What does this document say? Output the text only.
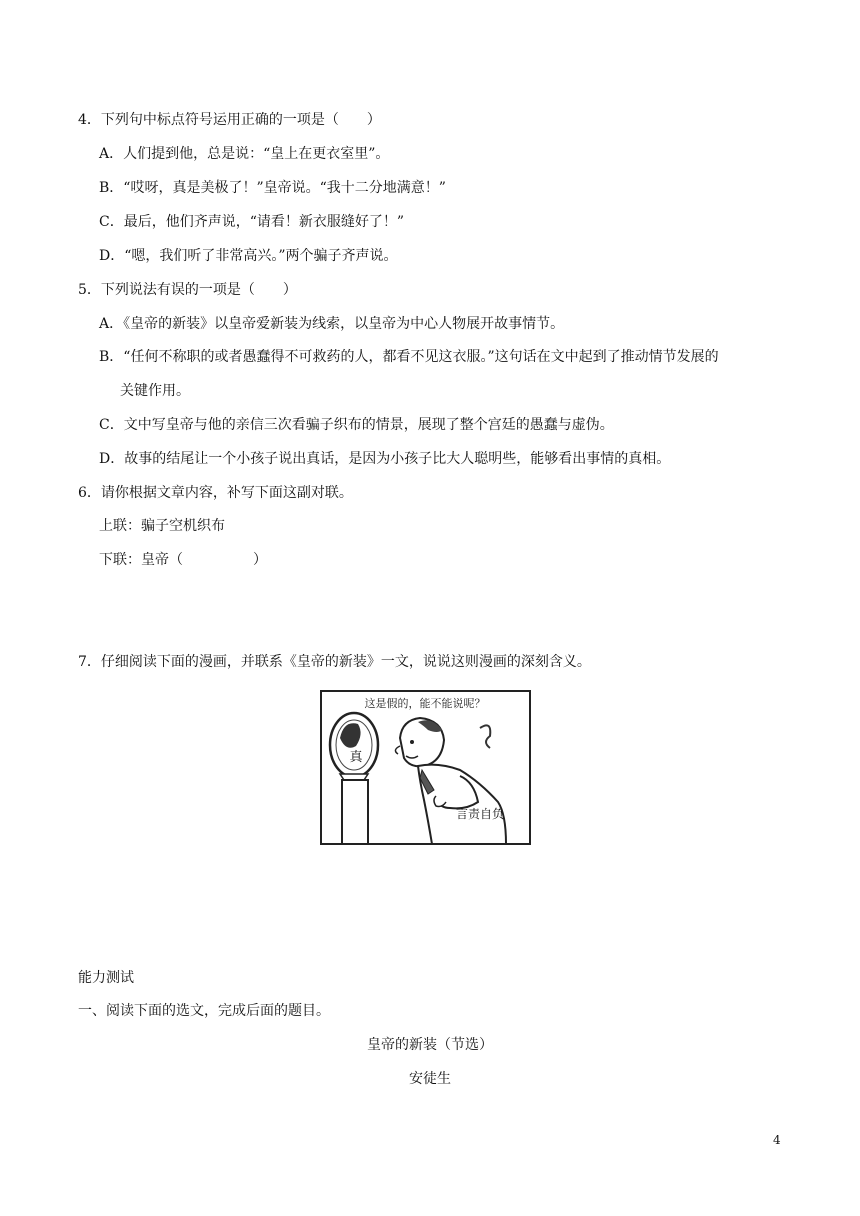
4．下列句中标点符号运用正确的一项是（　　）
A．人们提到他，总是说：“皇上在更衣室里”。
B．“哎呀，真是美极了！”皇帝说。“我十二分地满意！”
C．最后，他们齐声说，“请看！新衣服缝好了！”
D．“嗯，我们听了非常高兴。”两个骗子齐声说。
5．下列说法有误的一项是（　　）
A．《皇帝的新装》以皇帝爱新装为线索，以皇帝为中心人物展开故事情节。
B．“任何不称职的或者愚蠢得不可救药的人，都看不见这衣服。”这句话在文中起到了推动情节发展的
关键作用。
C．文中写皇帝与他的亲信三次看骗子织布的情景，展现了整个宫廷的愚蠢与虚伪。
D．故事的结尾让一个小孩子说出真话，是因为小孩子比大人聪明些，能够看出事情的真相。
6．请你根据文章内容，补写下面这副对联。
上联：骗子空机织布
下联：皇帝（	）
7．仔细阅读下面的漫画，并联系《皇帝的新装》一文，说说这则漫画的深刻含义。
这是假的，能不能说呢？
真
言责自负
能力测试
一、阅读下面的选文，完成后面的题目。
皇帝的新装（节选）
安徒生
4
